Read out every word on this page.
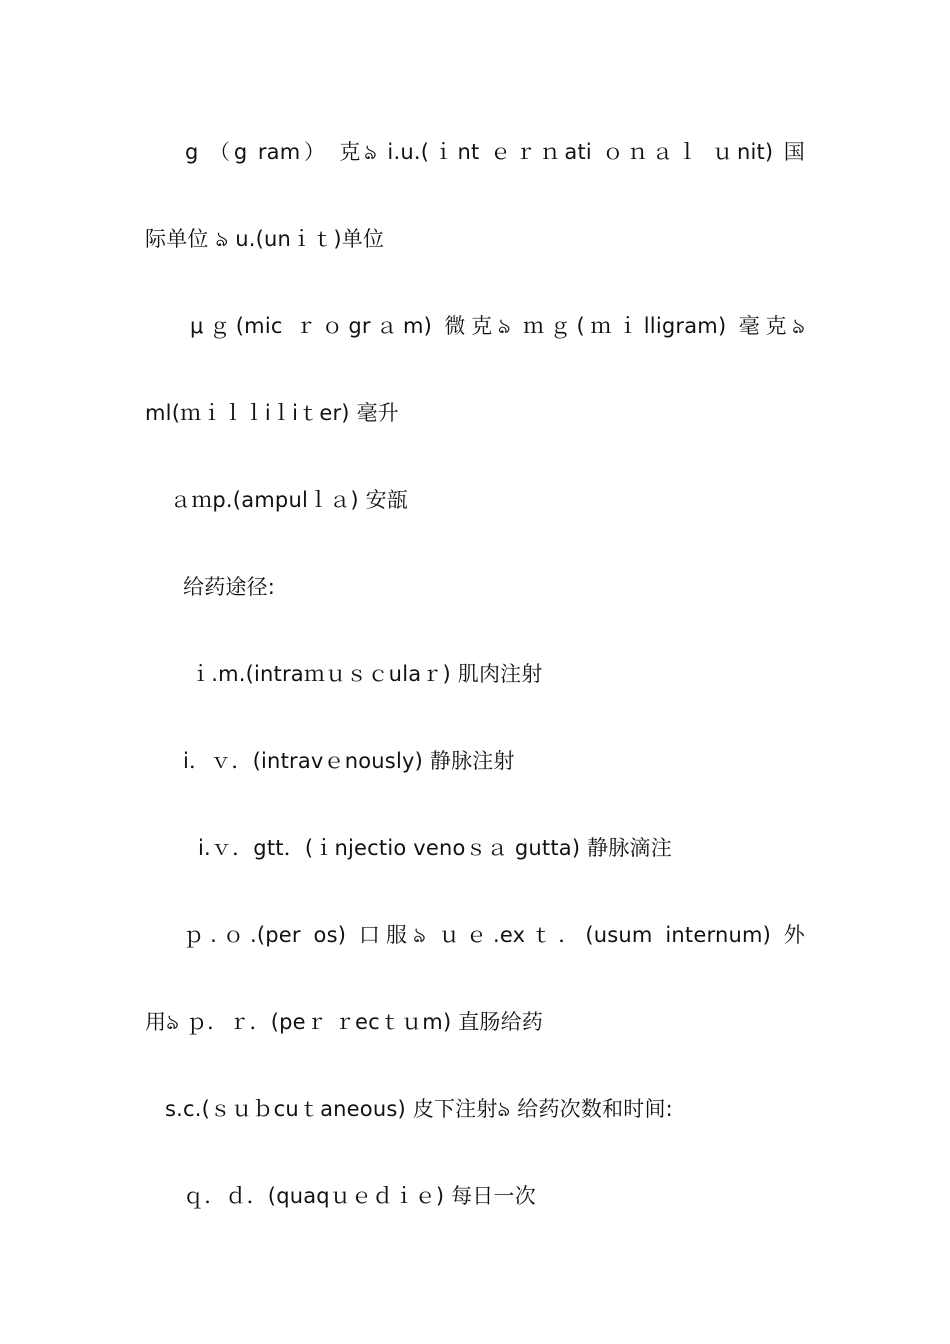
g （g ram） 克﻿ঌ i.u.(ｉnt ｅｒｎati ｏｎａｌ ｕnit) 国
际单位 ঌ u.(unｉｔ)单位
μｇ(mic ｒｏgrａm) 微克ঌ ｍｇ(ｍｉlligram) 毫克ঌ
ml(ｍｉｌｌiｌiｔer) 毫升
ａｍp.(ampulｌａ) 安瓿
给药途径:
ｉ.m.(intraｍｕｓｃulaｒ) 肌肉注射
i．ｖ．(intravｅnously) 静脉注射
i.ｖ．gtt．(ｉnjectio venoｓａ gutta) 静脉滴注
ｐ.ｏ.(per os) 口服ঌ ｕｅ.exｔ．(usum internum) 外
用ঌ ｐ．ｒ．(peｒ ｒecｔｕm) 直肠给药
s.c.(ｓｕｂcuｔaneous) 皮下注射ঌ 给药次数和时间:
ｑ．ｄ．(quaqｕｅｄｉｅ) 每日一次
